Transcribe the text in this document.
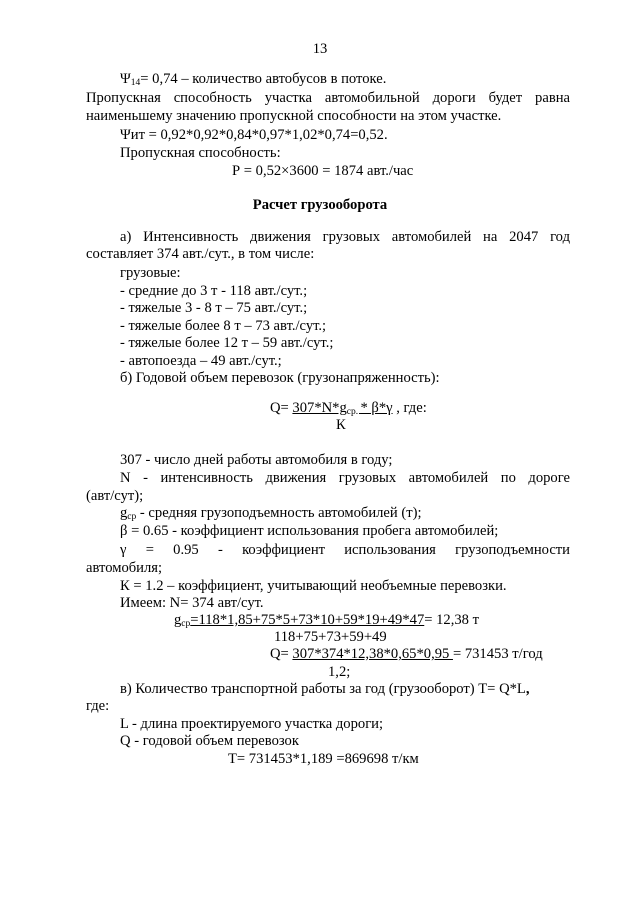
13
$\Psi_{14}= 0,74$ – количество автобусов в потоке.
Пропускная способность участка автомобильной дороги будет равна
наименьшему значению пропускной способности на этом участке.
Ψит = 0,92*0,92*0,84*0,97*1,02*0,74=0,52.
Пропускная способность:
Р = 0,52×3600 = 1874 авт./час
Расчет грузооборота
а) Интенсивность движения грузовых автомобилей на 2047 год
составляет 374 авт./сут., в том числе:
грузовые:
- средние до 3 т - 118 авт./сут.;
- тяжелые 3 - 8 т – 75 авт./сут.;
- тяжелые более 8 т – 73 авт./сут.;
- тяжелые более 12 т – 59 авт./сут.;
- автопоезда – 49 авт./сут.;
б) Годовой объем перевозок (грузонапряженность):
$Q= 307*N*g_{ср.} * \beta*\gamma$ , где:
К
307 - число дней работы автомобиля в году;
N - интенсивность движения грузовых автомобилей по дороге
(авт/сут);
$g_{ср}$ - средняя грузоподъемность автомобилей (т);
β = 0.65 - коэффициент использования пробега автомобилей;
γ = 0.95 - коэффициент использования грузоподъемности
автомобиля;
К = 1.2 – коэффициент, учитывающий необъемные перевозки.
Имеем: N= 374 авт/сут.
$g_{ср}=118*1,85+75*5+73*10+59*19+49*47= 12,38$ т
118+75+73+59+49
Q= 307*374*12,38*0,65*0,95 = 731453 т/год
1,2;
в) Количество транспортной работы за год (грузооборот) Т= Q*L,
где:
L - длина проектируемого участка дороги;
Q - годовой объем перевозок
Т= 731453*1,189 =869698 т/км
